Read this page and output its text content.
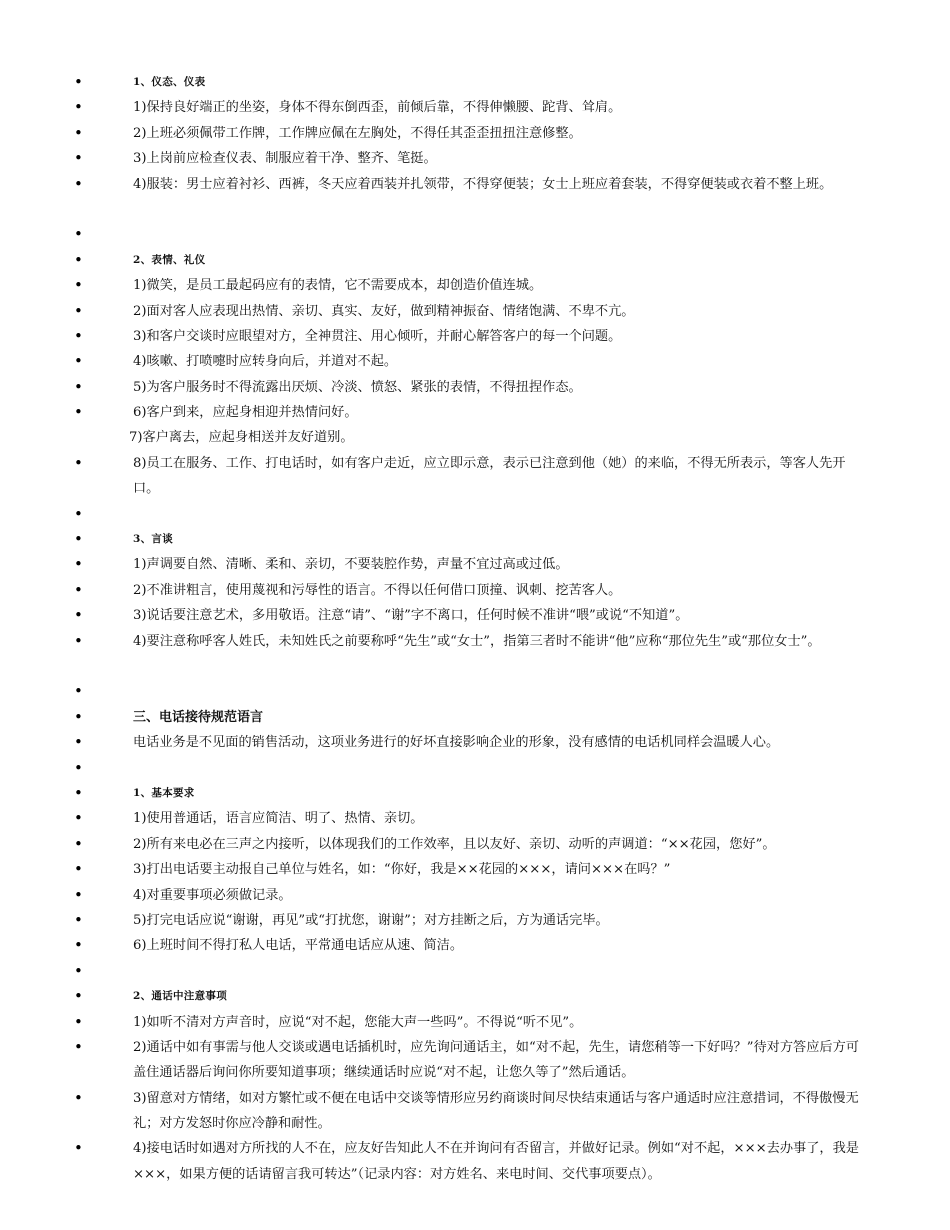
•	1、仪态、仪表
•	1)保持良好端正的坐姿，身体不得东倒西歪，前倾后靠，不得伸懒腰、跎背、耸肩。
•	2)上班必须佩带工作牌，工作牌应佩在左胸处，不得任其歪歪扭扭注意修整。
•	3)上岗前应检查仪表、制服应着干净、整齐、笔挺。
•	4)服装：男士应着衬衫、西裤，冬天应着西装并扎领带，不得穿便装；女士上班应着套装，不得穿便装或衣着不整上班。
•
•	2、表情、礼仪
•	1)微笑，是员工最起码应有的表情，它不需要成本，却创造价值连城。
•	2)面对客人应表现出热情、亲切、真实、友好，做到精神振奋、情绪饱满、不卑不亢。
•	3)和客户交谈时应眼望对方，全神贯注、用心倾听，并耐心解答客户的每一个问题。
•	4)咳嗽、打喷嚏时应转身向后，并道对不起。
•	5)为客户服务时不得流露出厌烦、冷淡、愤怒、紧张的表情，不得扭捏作态。
•	6)客户到来，应起身相迎并热情问好。
7)客户离去，应起身相送并友好道别。
•	8)员工在服务、工作、打电话时，如有客户走近，应立即示意，表示已注意到他（她）的来临，不得无所表示，等客人先开口。
•
•	3、言谈
•	1)声调要自然、清晰、柔和、亲切，不要装腔作势，声量不宜过高或过低。
•	2)不准讲粗言，使用蔑视和污辱性的语言。不得以任何借口顶撞、讽刺、挖苦客人。
•	3)说话要注意艺术，多用敬语。注意“请”、“谢”字不离口，任何时候不准讲“喂”或说“不知道”。
•	4)要注意称呼客人姓氏，未知姓氏之前要称呼“先生”或“女士”，指第三者时不能讲“他”应称“那位先生”或“那位女士”。
•
•	三、电话接待规范语言
•	电话业务是不见面的销售活动，这项业务进行的好坏直接影响企业的形象，没有感情的电话机同样会温暖人心。
•
•	1、基本要求
•	1)使用普通话，语言应简洁、明了、热情、亲切。
•	2)所有来电必在三声之内接听，以体现我们的工作效率，且以友好、亲切、动听的声调道：“××花园，您好”。
•	3)打出电话要主动报自己单位与姓名，如：“你好，我是××花园的×××，请问×××在吗？”
•	4)对重要事项必须做记录。
•	5)打完电话应说“谢谢，再见”或“打扰您，谢谢”；对方挂断之后，方为通话完毕。
•	6)上班时间不得打私人电话，平常通电话应从速、简洁。
•
•	2、通话中注意事项
•	1)如听不清对方声音时，应说“对不起，您能大声一些吗”。不得说“听不见”。
•	2)通话中如有事需与他人交谈或遇电话插机时，应先询问通话主，如“对不起，先生，请您稍等一下好吗？”待对方答应后方可盖住通话器后询问你所要知道事项；继续通话时应说“对不起，让您久等了”然后通话。
•	3)留意对方情绪，如对方繁忙或不便在电话中交谈等情形应另约商谈时间尽快结束通话与客户通适时应注意措词，不得傲慢无礼；对方发怒时你应冷静和耐性。
•	4)接电话时如遇对方所找的人不在，应友好告知此人不在并询问有否留言，并做好记录。例如“对不起，×××去办事了，我是×××，如果方便的话请留言我可转达”（记录内容：对方姓名、来电时间、交代事项要点）。
